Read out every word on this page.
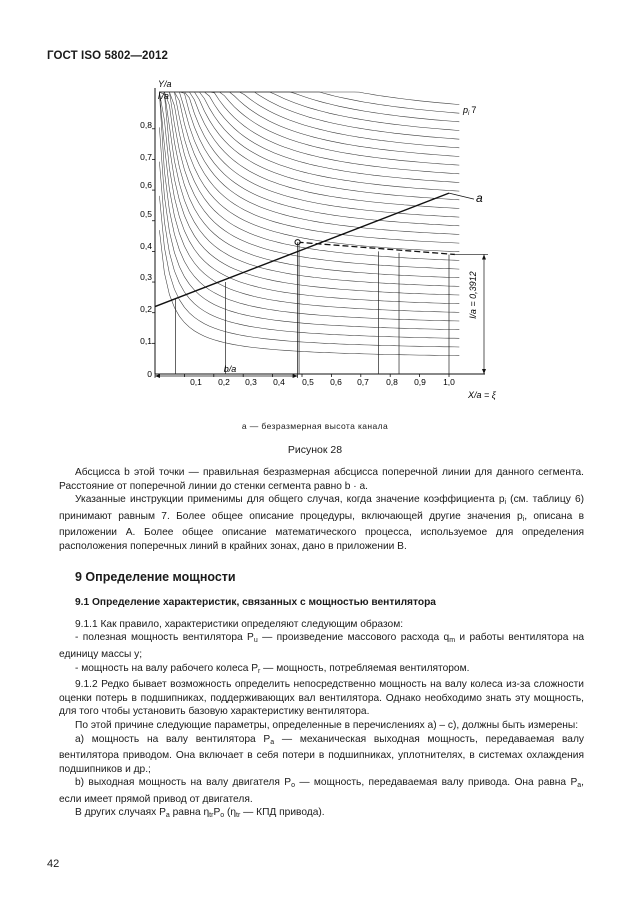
ГОСТ ISO 5802—2012
Y/a
$l_i/a$
0,8
0,7
0,6
0,5
0,4
0,3
0,2
0,1
0
0,1 0,2 0,3 0,4 0,5 0,6 0,7 0,8 0,9 1,0
X/a = ξ
$p_i$ 7
a
b/a
l/a = 0,3912
a — безразмерная высота канала
Рисунок 28

Абсцисса b этой точки — правильная безразмерная абсцисса поперечной линии для данного сегмента. Расстояние от поперечной линии до стенки сегмента равно b · a.

Указанные инструкции применимы для общего случая, когда значение коэффициента $p_i$ (см. таблицу 6) принимают равным 7. Более общее описание процедуры, включающей другие значения $p_i$, описана в приложении А. Более общее описание математического процесса, используемое для определения расположения поперечных линий в крайних зонах, дано в приложении В.

9 Определение мощности

9.1 Определение характеристик, связанных с мощностью вентилятора

9.1.1 Как правило, характеристики определяют следующим образом:

- полезная мощность вентилятора $P_u$ — произведение массового расхода $q_m$ и работы вентилятора на единицу массы y;

- мощность на валу рабочего колеса $P_r$ — мощность, потребляемая вентилятором.

9.1.2 Редко бывает возможность определить непосредственно мощность на валу колеса из-за сложности оценки потерь в подшипниках, поддерживающих вал вентилятора. Однако необходимо знать эту мощность, для того чтобы установить базовую характеристику вентилятора.

По этой причине следующие параметры, определенные в перечислениях а) – с), должны быть измерены:

а) мощность на валу вентилятора $P_a$ — механическая выходная мощность, передаваемая валу вентилятора приводом. Она включает в себя потери в подшипниках, уплотнителях, в системах охлаждения подшипников и др.;

b) выходная мощность на валу двигателя $P_o$ — мощность, передаваемая валу привода. Она равна $P_a$, если имеет прямой привод от двигателя.

В других случаях $P_a$ равна $\eta_{tr}P_o$ ($\eta_{tr}$ — КПД привода).

42
